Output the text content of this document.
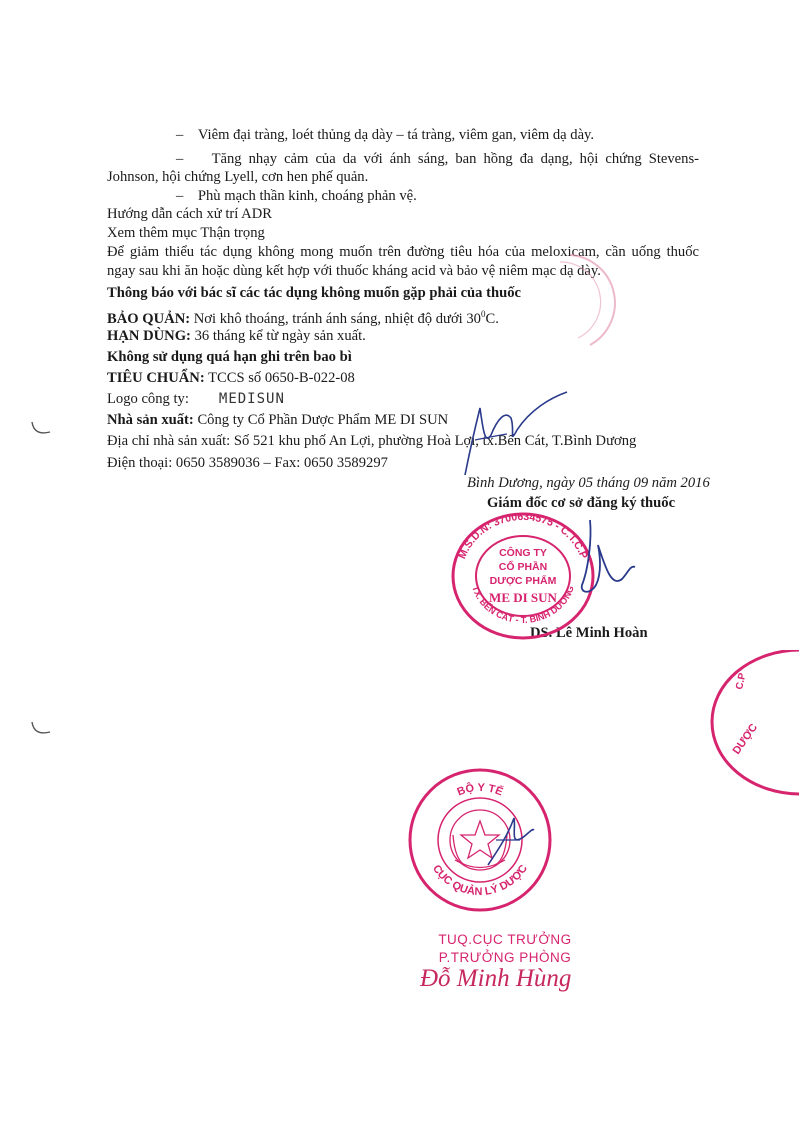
–    Viêm đại tràng, loét thủng dạ dày – tá tràng, viêm gan, viêm dạ dày.
–    Tăng nhạy cảm của da với ánh sáng, ban hồng đa dạng, hội chứng Stevens-
Johnson, hội chứng Lyell, cơn hen phế quản.
–    Phù mạch thần kinh, choáng phản vệ.
Hướng dẫn cách xử trí ADR
Xem thêm mục Thận trọng
Để giảm thiểu tác dụng không mong muốn trên đường tiêu hóa của meloxicam, cần uống thuốc
ngay sau khi ăn hoặc dùng kết hợp với thuốc kháng acid và bảo vệ niêm mạc dạ dày.
Thông báo với bác sĩ các tác dụng không muốn gặp phải của thuốc
BẢO QUẢN: Nơi khô thoáng, tránh ánh sáng, nhiệt độ dưới $30^0C$.
HẠN DÙNG: 36 tháng kể từ ngày sản xuất.
Không sử dụng quá hạn ghi trên bao bì
TIÊU CHUẨN: TCCS số 0650-B-022-08
Logo công ty: MEDISUN
Nhà sản xuất: Công ty Cổ Phần Dược Phẩm ME DI SUN
Địa chỉ nhà sản xuất: Số 521 khu phố An Lợi, phường Hoà Lợi, tx.Bến Cát, T.Bình Dương
Điện thoại: 0650 3589036 – Fax: 0650 3589297
Bình Dương, ngày 05 tháng 09 năm 2016
Giám đốc cơ sở đăng ký thuốc
DS. Lê Minh Hoàn
M.S.D.N: 3700634575 - C.T.C.P
TX. BẾN CÁT - T. BÌNH DƯƠNG
CÔNG TY
CỔ PHẦN
DƯỢC PHẨM
ME DI SUN
DƯỢC
C.P
BỘ Y TẾ
CỤC QUẢN LÝ DƯỢC
TUQ.CỤC TRƯỞNG
P.TRƯỞNG PHÒNG
Đỗ Minh Hùng
